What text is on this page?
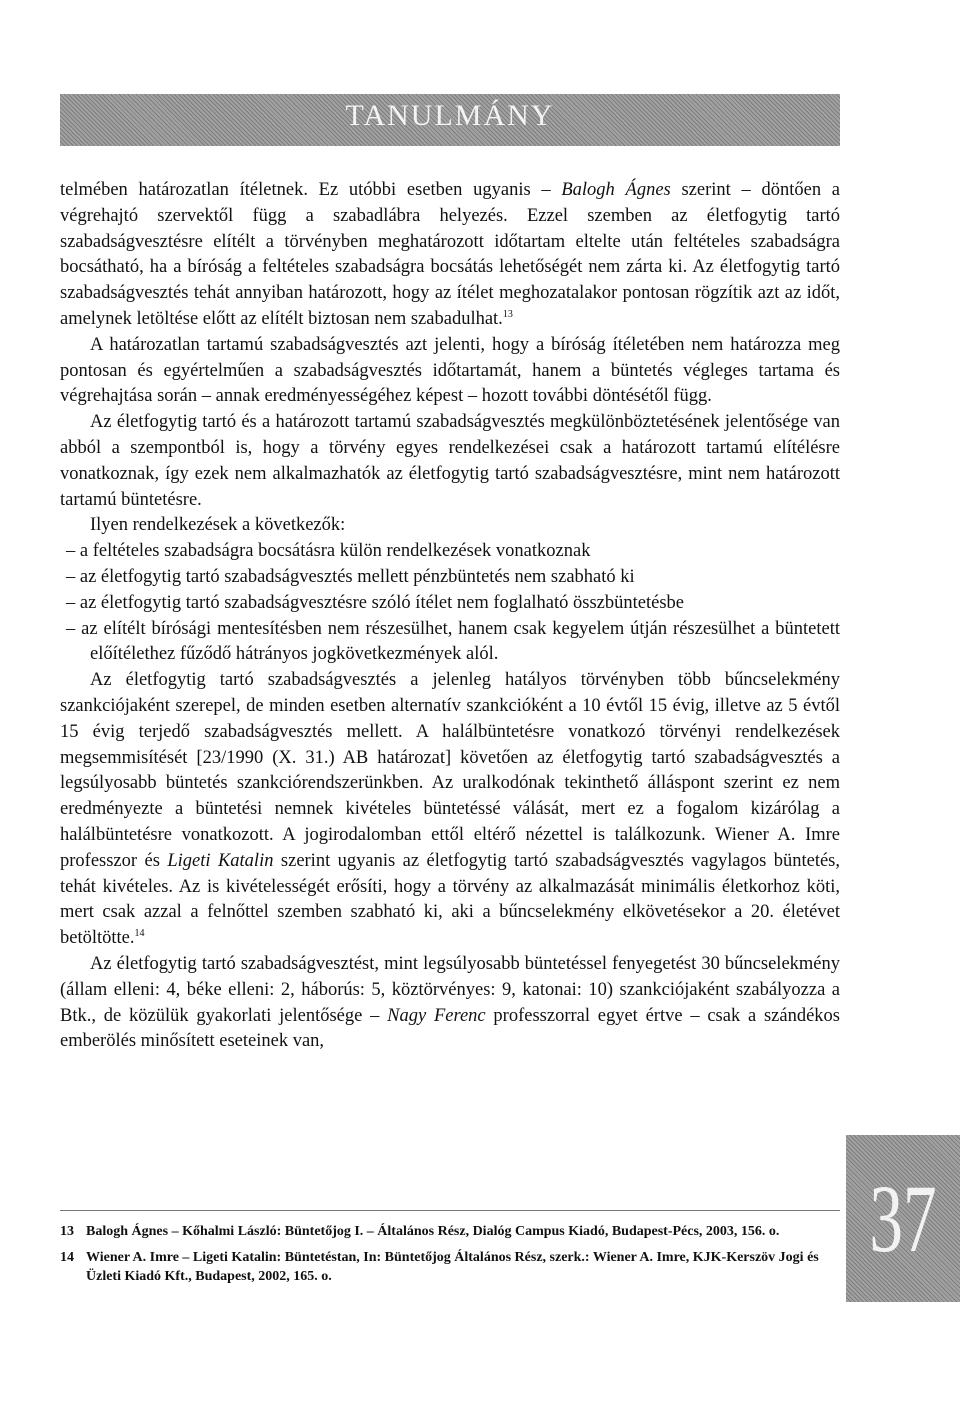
TANULMÁNY

telmében határozatlan ítéletnek. Ez utóbbi esetben ugyanis – Balogh Ágnes szerint – döntően a végrehajtó szervektől függ a szabadlábra helyezés. Ezzel szemben az életfogytig tartó szabadságvesztésre elítélt a törvényben meghatározott időtartam eltelte után feltételes szabadságra bocsátható, ha a bíróság a feltételes szabadságra bocsátás lehetőségét nem zárta ki. Az életfogytig tartó szabadságvesztés tehát annyiban határozott, hogy az ítélet meghozatalakor pontosan rögzítik azt az időt, amelynek letöltése előtt az elítélt biztosan nem szabadulhat.$^{13}$

A határozatlan tartamú szabadságvesztés azt jelenti, hogy a bíróság ítéletében nem határozza meg pontosan és egyértelműen a szabadságvesztés időtartamát, hanem a büntetés végleges tartama és végrehajtása során – annak eredményességéhez képest – hozott további döntésétől függ.

Az életfogytig tartó és a határozott tartamú szabadságvesztés megkülönböztetésének jelentősége van abból a szempontból is, hogy a törvény egyes rendelkezései csak a határozott tartamú elítélésre vonatkoznak, így ezek nem alkalmazhatók az életfogytig tartó szabadságvesztésre, mint nem határozott tartamú büntetésre.

Ilyen rendelkezések a következők:

– a feltételes szabadságra bocsátásra külön rendelkezések vonatkoznak

– az életfogytig tartó szabadságvesztés mellett pénzbüntetés nem szabható ki

– az életfogytig tartó szabadságvesztésre szóló ítélet nem foglalható összbüntetésbe

– az elítélt bírósági mentesítésben nem részesülhet, hanem csak kegyelem útján részesülhet a büntetett előítélethez fűződő hátrányos jogkövetkezmények alól.

Az életfogytig tartó szabadságvesztés a jelenleg hatályos törvényben több bűncselekmény szankciójaként szerepel, de minden esetben alternatív szankcióként a 10 évtől 15 évig, illetve az 5 évtől 15 évig terjedő szabadságvesztés mellett. A halálbüntetésre vonatkozó törvényi rendelkezések megsemmisítését [23/1990 (X. 31.) AB határozat] követően az életfogytig tartó szabadságvesztés a legsúlyosabb büntetés szankciórendszerünkben. Az uralkodónak tekinthető álláspont szerint ez nem eredményezte a büntetési nemnek kivételes büntetéssé válását, mert ez a fogalom kizárólag a halálbüntetésre vonatkozott. A jogirodalomban ettől eltérő nézettel is találkozunk. Wiener A. Imre professzor és Ligeti Katalin szerint ugyanis az életfogytig tartó szabadságvesztés vagylagos büntetés, tehát kivételes. Az is kivételességét erősíti, hogy a törvény az alkalmazását minimális életkorhoz köti, mert csak azzal a felnőttel szemben szabható ki, aki a bűncselekmény elkövetésekor a 20. életévet betöltötte.$^{14}$

Az életfogytig tartó szabadságvesztést, mint legsúlyosabb büntetéssel fenyegetést 30 bűncselekmény (állam elleni: 4, béke elleni: 2, háborús: 5, köztörvényes: 9, katonai: 10) szankciójaként szabályozza a Btk., de közülük gyakorlati jelentősége – Nagy Ferenc professzorral egyet értve – csak a szándékos emberölés minősített eseteinek van,

13 Balogh Ágnes – Kőhalmi László: Büntetőjog I. – Általános Rész, Dialóg Campus Kiadó, Budapest-Pécs, 2003, 156. o.
14 Wiener A. Imre – Ligeti Katalin: Büntetéstan, In: Büntetőjog Általános Rész, szerk.: Wiener A. Imre, KJK-Kerszöv Jogi és Üzleti Kiadó Kft., Budapest, 2002, 165. o.
37
